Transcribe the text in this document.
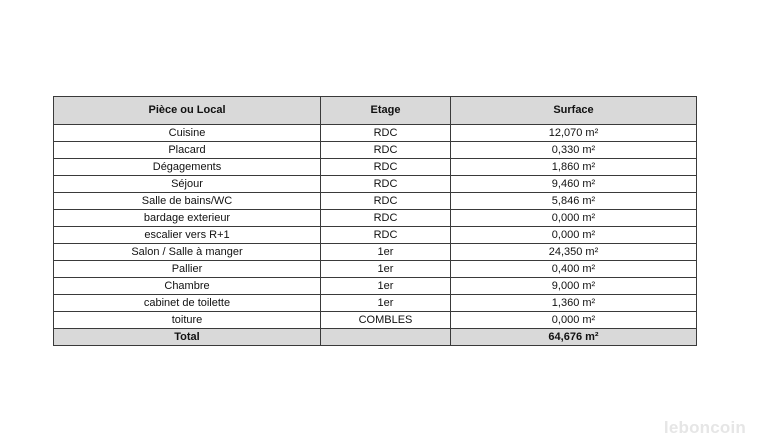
Pièce ou Local	Etage	Surface
Cuisine	RDC	12,070 m²
Placard	RDC	0,330 m²
Dégagements	RDC	1,860 m²
Séjour	RDC	9,460 m²
Salle de bains/WC	RDC	5,846 m²
bardage exterieur	RDC	0,000 m²
escalier vers R+1	RDC	0,000 m²
Salon / Salle à manger	1er	24,350 m²
Pallier	1er	0,400 m²
Chambre	1er	9,000 m²
cabinet de toilette	1er	1,360 m²
toiture	COMBLES	0,000 m²
Total		64,676 m²
leboncoin
